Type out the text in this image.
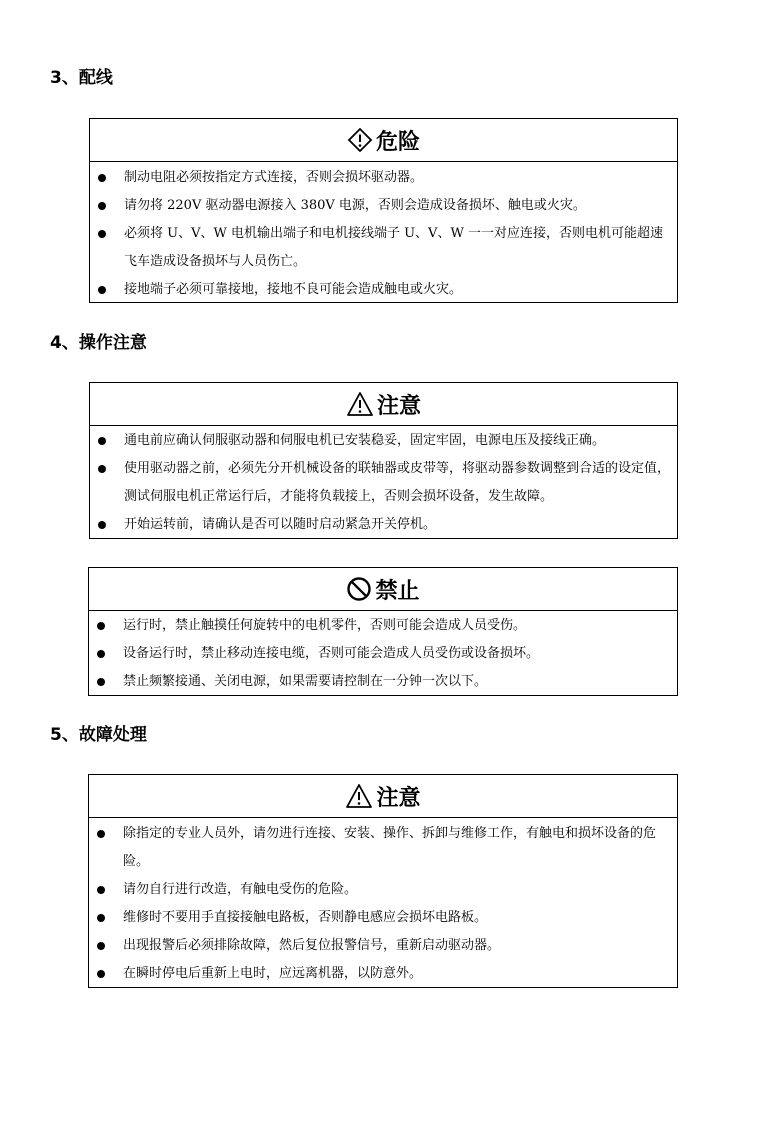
3、配线
危险
制动电阻必须按指定方式连接，否则会损坏驱动器。
请勿将 220V 驱动器电源接入 380V 电源，否则会造成设备损坏、触电或火灾。
必须将 U、V、W 电机输出端子和电机接线端子 U、V、W 一一对应连接，否则电机可能超速飞车造成设备损坏与人员伤亡。
接地端子必须可靠接地，接地不良可能会造成触电或火灾。
4、操作注意
注意
通电前应确认伺服驱动器和伺服电机已安装稳妥，固定牢固，电源电压及接线正确。
使用驱动器之前，必须先分开机械设备的联轴器或皮带等，将驱动器参数调整到合适的设定值，测试伺服电机正常运行后，才能将负载接上，否则会损坏设备，发生故障。
开始运转前，请确认是否可以随时启动紧急开关停机。
禁止
运行时，禁止触摸任何旋转中的电机零件，否则可能会造成人员受伤。
设备运行时，禁止移动连接电缆，否则可能会造成人员受伤或设备损坏。
禁止频繁接通、关闭电源，如果需要请控制在一分钟一次以下。
5、故障处理
注意
除指定的专业人员外，请勿进行连接、安装、操作、拆卸与维修工作，有触电和损坏设备的危险。
请勿自行进行改造，有触电受伤的危险。
维修时不要用手直接接触电路板，否则静电感应会损坏电路板。
出现报警后必须排除故障，然后复位报警信号，重新启动驱动器。
在瞬时停电后重新上电时，应远离机器，以防意外。
